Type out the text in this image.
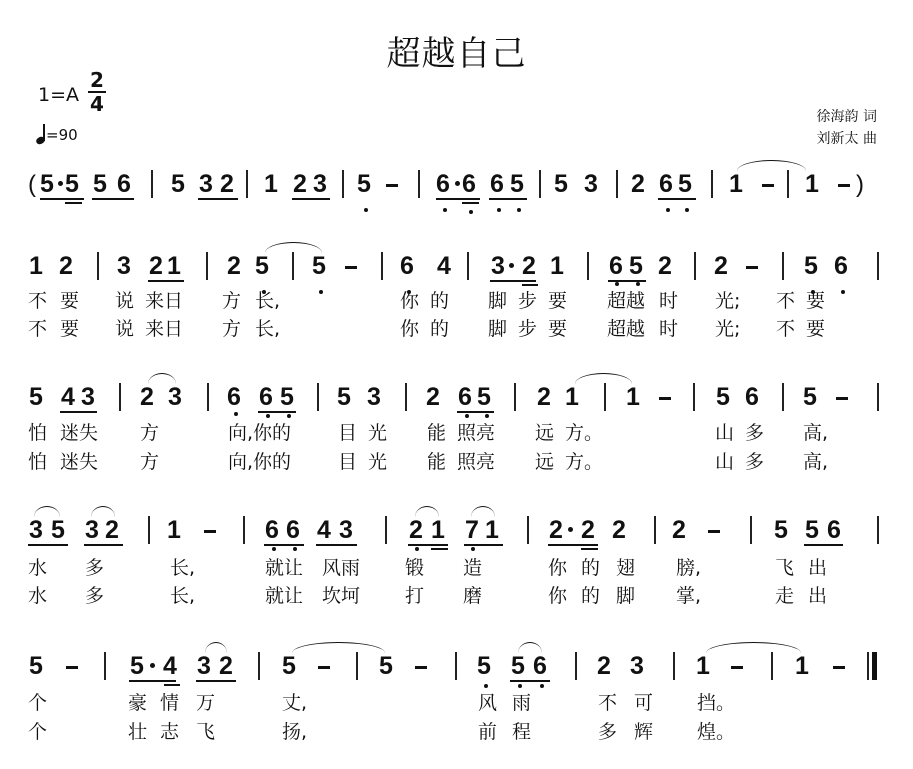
超越自己
1=A
2
4
=90
徐海韵 词
刘新太 曲
( 5 5 5 6 5 3 2 1 2 3 5	6 6 6 5 5 3 2 6 5 1 1 )
1 2 3 2 1 2 5 5	6 4 3 2 1 6 5 2 2	5 6
不 要 说 来日 方 长,	你 的 脚 步 要 超越 时 光; 不 要
不 要 说 来日 方 长,	你 的 脚 步 要 超越 时 光; 不 要
5 4 3 2 3 6 6 5 5 3 2 6 5 2 1 1	5 6 5
怕 迷失 方	向,你的 目 光 能 照亮 远 方。	山 多 高,
怕 迷失 方	向,你的 目 光 能 照亮 远 方。	山 多 高,
3 5 3 2 1	6 6 4 3 2 1 7 1 2 2 2 2	5 5 6
水 多	长,	就让 风雨 锻 造	你 的 翅 膀,	飞 出
水 多	长,	就让 坎坷 打 磨	你 的 脚 掌,	走 出
5	5 4 3 2 5	5	5 5 6 2 3 1	1
个	豪 情 万	丈,	风 雨	不 可 挡。
个	壮 志 飞	扬,	前 程	多 辉 煌。
